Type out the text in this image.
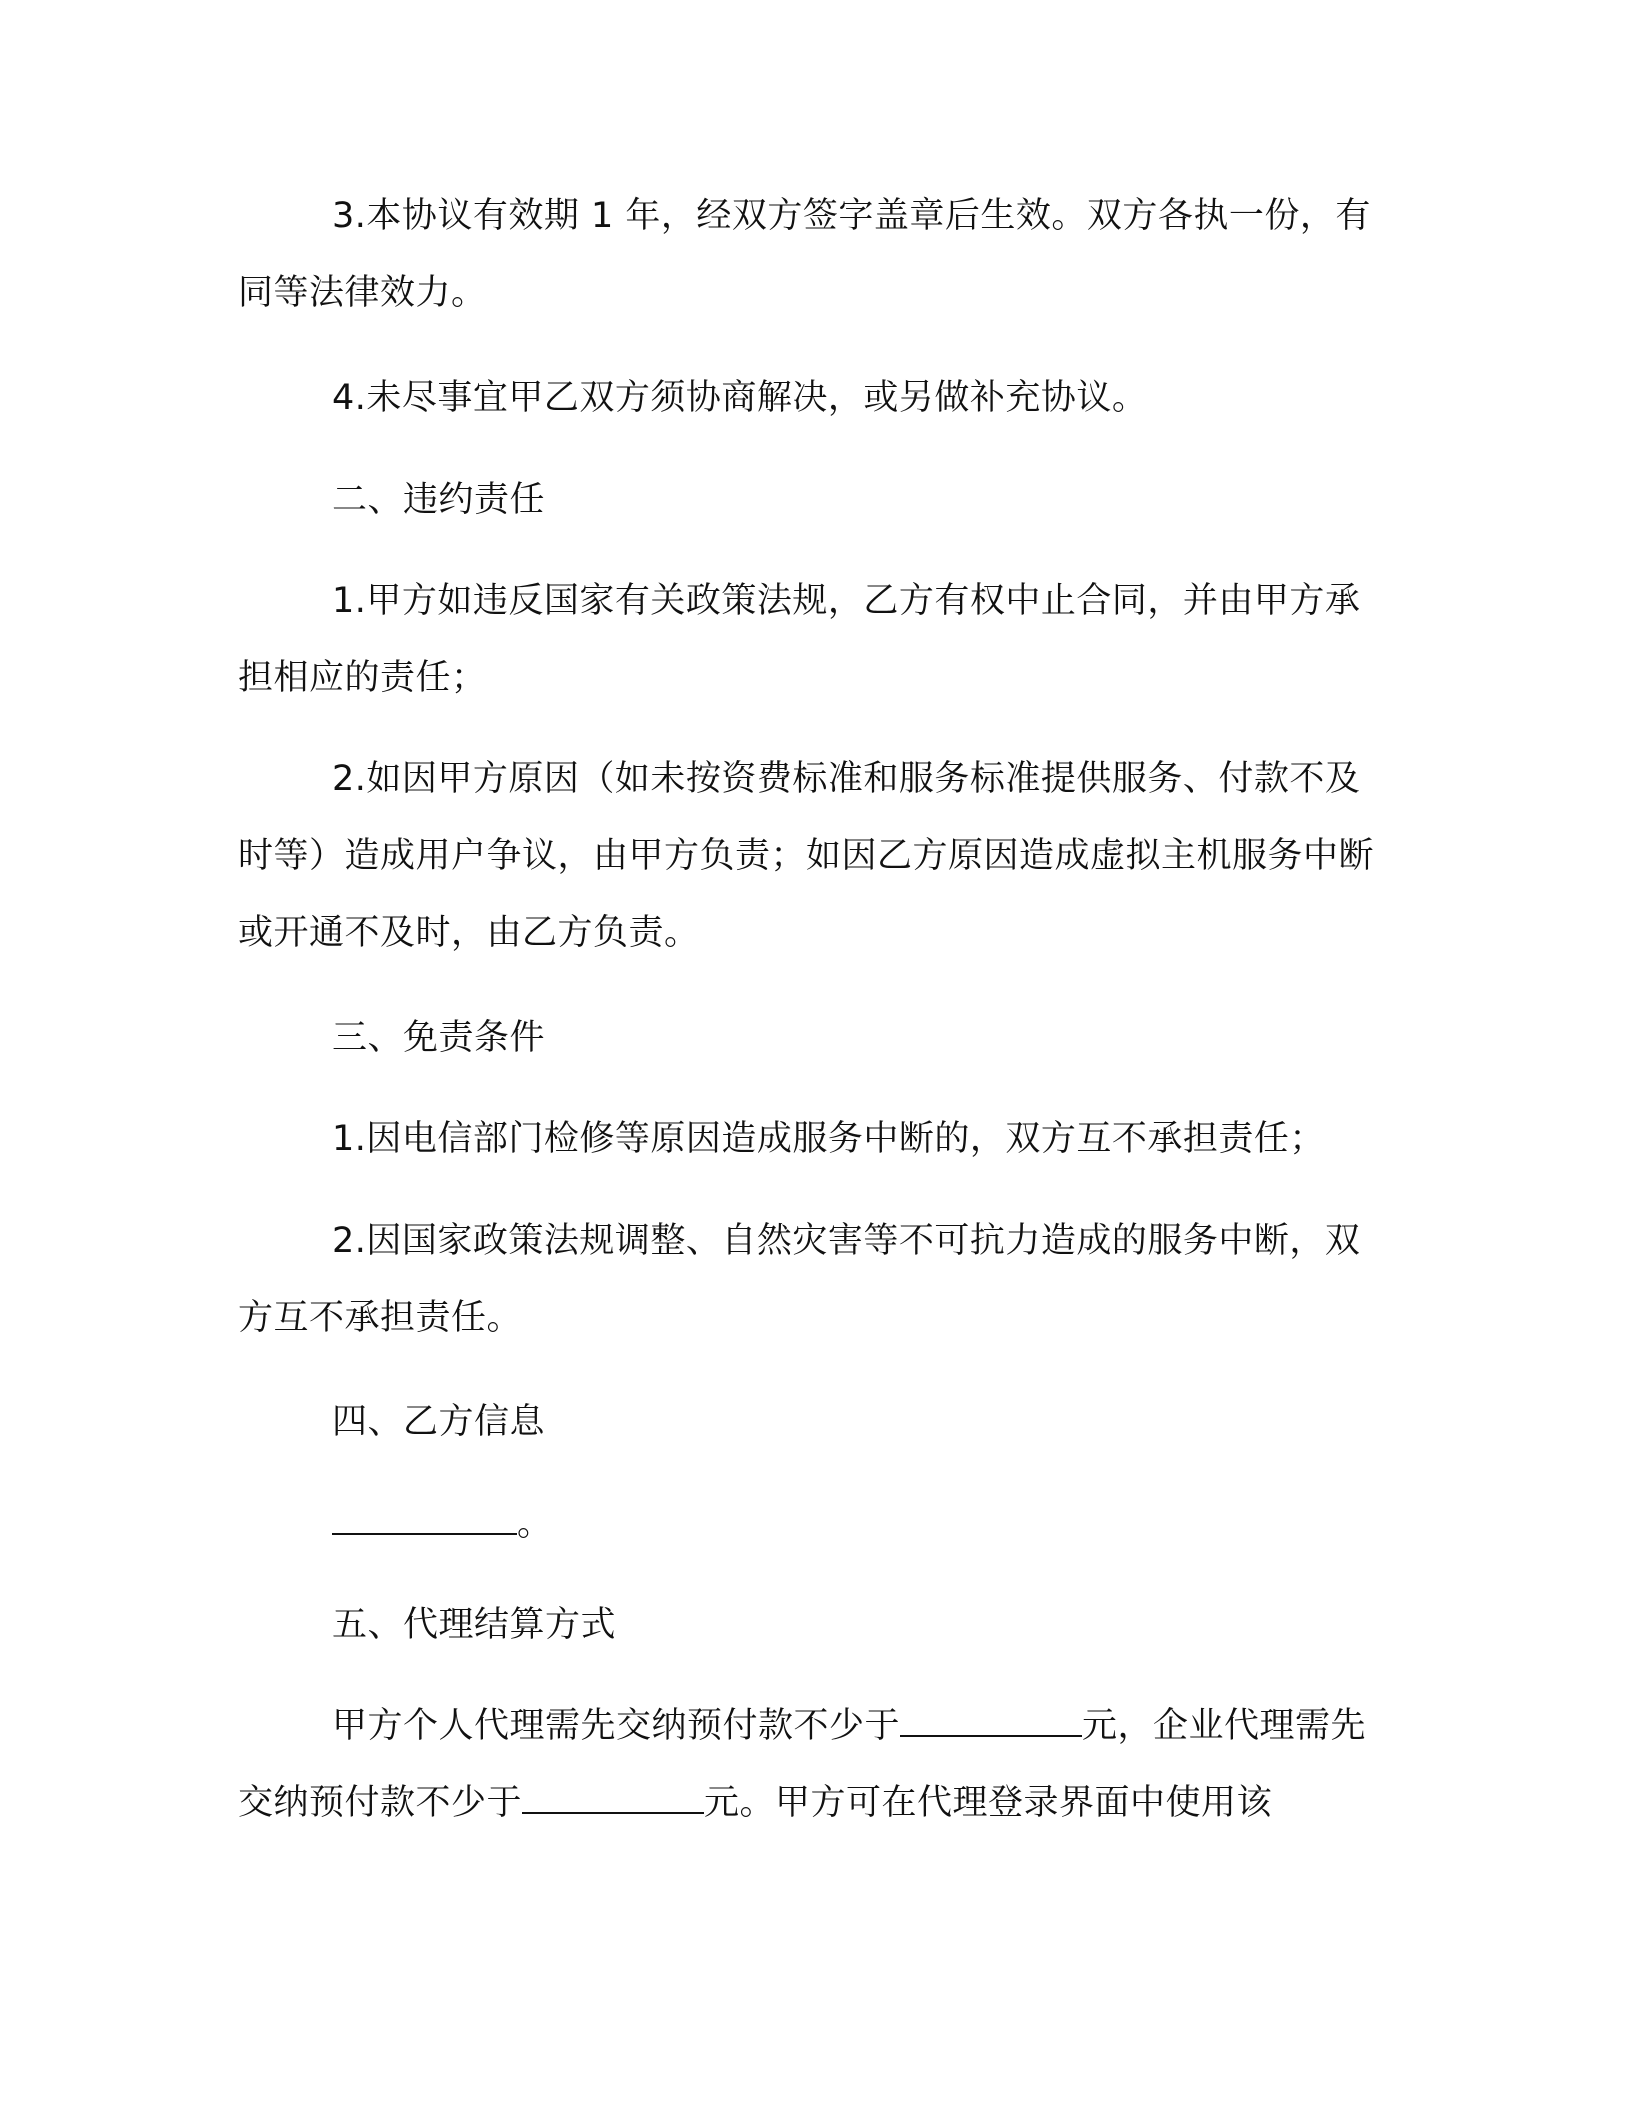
3.本协议有效期 1 年，经双方签字盖章后生效。双方各执一份，有同等法律效力。

4.未尽事宜甲乙双方须协商解决，或另做补充协议。

二、违约责任

1.甲方如违反国家有关政策法规，乙方有权中止合同，并由甲方承担相应的责任；

2.如因甲方原因（如未按资费标准和服务标准提供服务、付款不及时等）造成用户争议，由甲方负责；如因乙方原因造成虚拟主机服务中断或开通不及时，由乙方负责。

三、免责条件

1.因电信部门检修等原因造成服务中断的，双方互不承担责任；

2.因国家政策法规调整、自然灾害等不可抗力造成的服务中断，双方互不承担责任。

四、乙方信息

。

五、代理结算方式

甲方个人代理需先交纳预付款不少于	元，企业代理需先交纳预付款不少于	元。甲方可在代理登录界面中使用该
